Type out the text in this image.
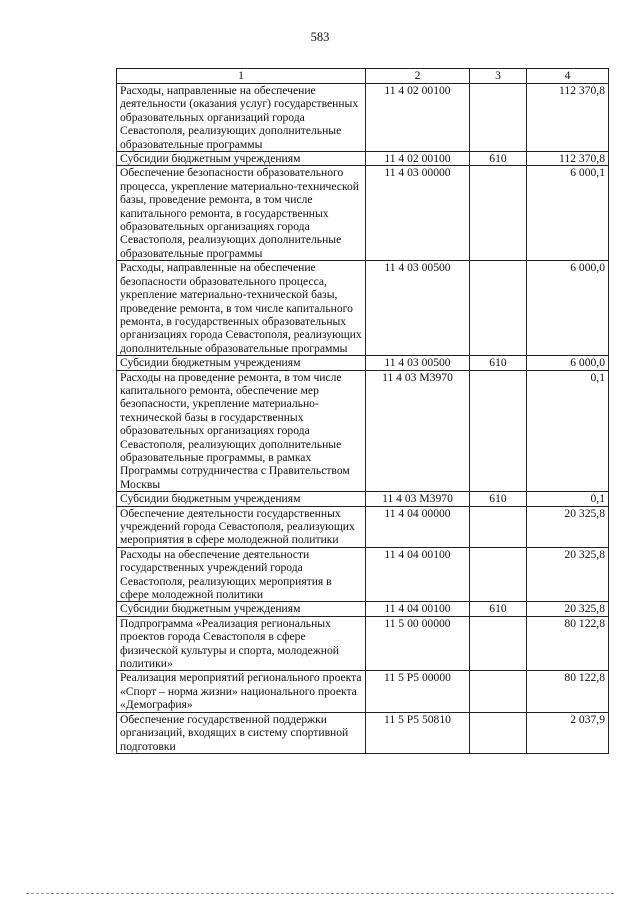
583
1	2	3	4
Расходы, направленные на обеспечение деятельности (оказания услуг) государственных образовательных организаций города Севастополя, реализующих дополнительные образовательные программы	11 4 02 00100		112 370,8
Субсидии бюджетным учреждениям	11 4 02 00100	610	112 370,8
Обеспечение безопасности образовательного процесса, укрепление материально-технической базы, проведение ремонта, в том числе капитального ремонта, в государственных образовательных организациях города Севастополя, реализующих дополнительные образовательные программы	11 4 03 00000		6 000,1
Расходы, направленные на обеспечение безопасности образовательного процесса, укрепление материально-технической базы, проведение ремонта, в том числе капитального ремонта, в государственных образовательных организациях города Севастополя, реализующих дополнительные образовательные программы	11 4 03 00500		6 000,0
Субсидии бюджетным учреждениям	11 4 03 00500	610	6 000,0
Расходы на проведение ремонта, в том числе капитального ремонта, обеспечение мер безопасности, укрепление материально-технической базы в государственных образовательных организациях города Севастополя, реализующих дополнительные образовательные программы, в рамках Программы сотрудничества с Правительством Москвы	11 4 03 М3970		0,1
Субсидии бюджетным учреждениям	11 4 03 М3970	610	0,1
Обеспечение деятельности государственных учреждений города Севастополя, реализующих мероприятия в сфере молодежной политики	11 4 04 00000		20 325,8
Расходы на обеспечение деятельности государственных учреждений города Севастополя, реализующих мероприятия в сфере молодежной политики	11 4 04 00100		20 325,8
Субсидии бюджетным учреждениям	11 4 04 00100	610	20 325,8
Подпрограмма «Реализация региональных проектов города Севастополя в сфере физической культуры и спорта, молодежной политики»	11 5 00 00000		80 122,8
Реализация мероприятий регионального проекта «Спорт – норма жизни» национального проекта «Демография»	11 5 P5 00000		80 122,8
Обеспечение государственной поддержки организаций, входящих в систему спортивной подготовки	11 5 P5 50810		2 037,9
